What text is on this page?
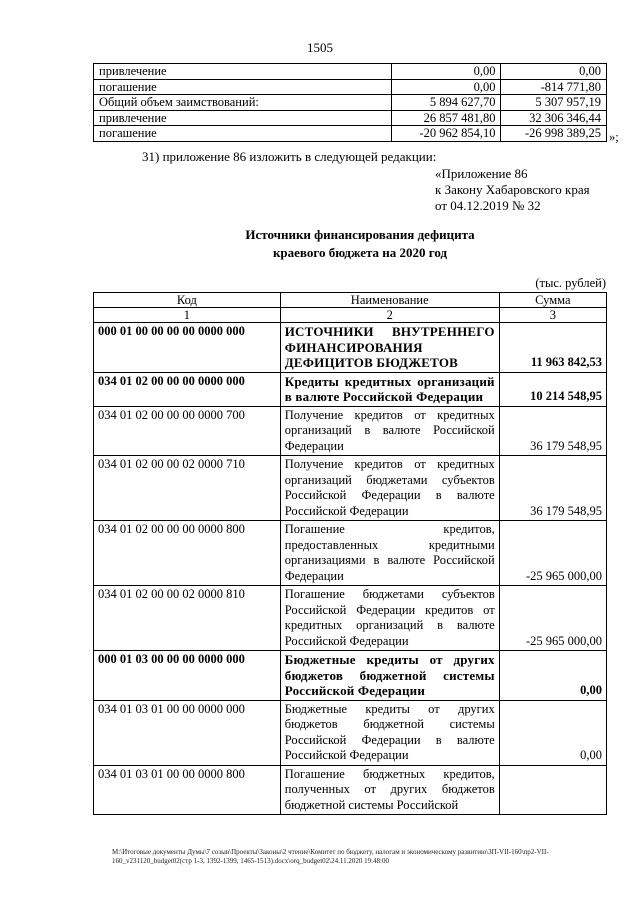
1505
привлечение	0,00	0,00
погашение	0,00	-814 771,80
Общий объем заимствований:	5 894 627,70	5 307 957,19
привлечение	26 857 481,80	32 306 346,44
погашение	-20 962 854,10	-26 998 389,25 »;
31) приложение 86 изложить в следующей редакции:
«Приложение 86
к Закону Хабаровского края
от 04.12.2019 № 32
Источники финансирования дефицита
краевого бюджета на 2020 год
(тыс. рублей)
Код	Наименование	Сумма
1	2	3
000 01 00 00 00 00 0000 000	ИСТОЧНИКИ ВНУТРЕННЕГО ФИНАНСИРОВАНИЯ ДЕФИЦИТОВ БЮДЖЕТОВ	11 963 842,53
034 01 02 00 00 00 0000 000	Кредиты кредитных организаций в валюте Российской Федерации	10 214 548,95
034 01 02 00 00 00 0000 700	Получение кредитов от кредитных организаций в валюте Российской Федерации	36 179 548,95
034 01 02 00 00 02 0000 710	Получение кредитов от кредитных организаций бюджетами субъектов Российской Федерации в валюте Российской Федерации	36 179 548,95
034 01 02 00 00 00 0000 800	Погашение кредитов, предоставленных кредитными организациями в валюте Российской Федерации	-25 965 000,00
034 01 02 00 00 02 0000 810	Погашение бюджетами субъектов Российской Федерации кредитов от кредитных организаций в валюте Российской Федерации	-25 965 000,00
000 01 03 00 00 00 0000 000	Бюджетные кредиты от других бюджетов бюджетной системы Российской Федерации	0,00
034 01 03 01 00 00 0000 000	Бюджетные кредиты от других бюджетов бюджетной системы Российской Федерации в валюте Российской Федерации	0,00
034 01 03 01 00 00 0000 800	Погашение бюджетных кредитов, полученных от других бюджетов бюджетной системы Российской	
M:\Итоговые документы Думы\7 созыв\Проекты\Законы\2 чтение\Комитет по бюджету, налогам и экономическому развитию\3П-VII-160\пр2-VII-
160_v231120_budget02(стр 1-3, 1392-1399, 1465-1513).docx\orq_budget02\24.11.2020 19:48:00
